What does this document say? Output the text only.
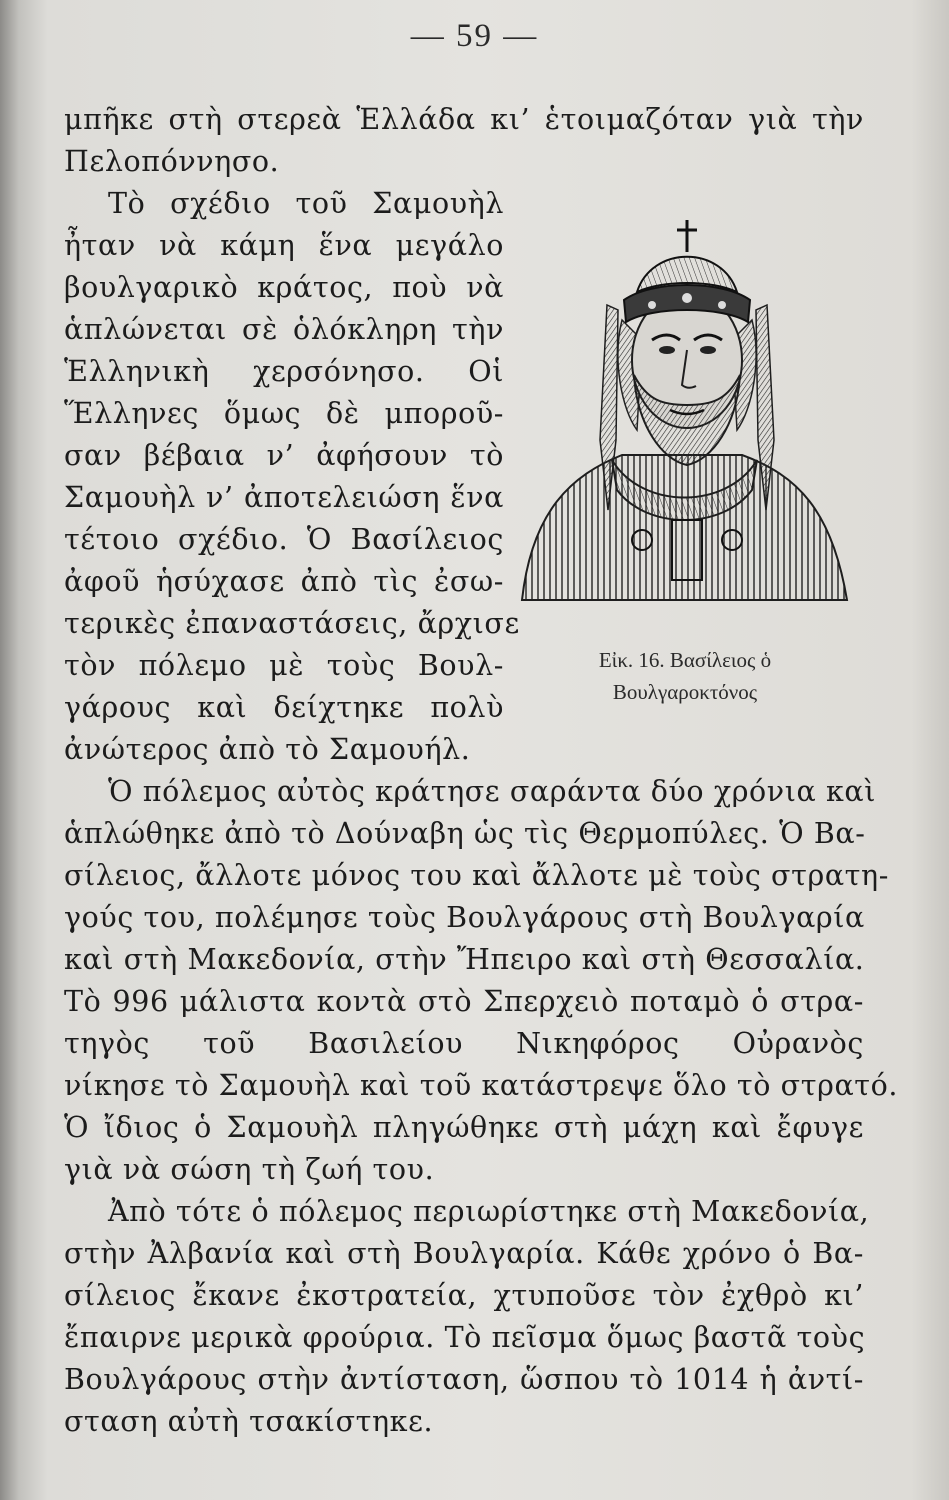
— 59 —
Εἰκ. 16. Βασίλειος ὁ
Βουλγαροκτόνος
μπῆκε στὴ στερεὰ Ἑλλάδα κι’ ἑτοιμαζόταν γιὰ τὴν
Πελοπόννησο.
Τὸ σχέδιο τοῦ Σαμουὴλ
ἦταν νὰ κάμη ἕνα μεγάλο
βουλγαρικὸ κράτος, ποὺ νὰ
ἁπλώνεται σὲ ὁλόκληρη τὴν
Ἑλληνικὴ χερσόνησο. Οἱ
Ἕλληνες ὅμως δὲ μποροῦ-
σαν βέβαια ν’ ἀφήσουν τὸ
Σαμουὴλ ν’ ἀποτελειώση ἕνα
τέτοιο σχέδιο. Ὁ Βασίλειος
ἀφοῦ ἡσύχασε ἀπὸ τὶς ἐσω-
τερικὲς ἐπαναστάσεις, ἄρχισε
τὸν πόλεμο μὲ τοὺς Βουλ-
γάρους καὶ δείχτηκε πολὺ
ἀνώτερος ἀπὸ τὸ Σαμουήλ.
Ὁ πόλεμος αὐτὸς κράτησε σαράντα δύο χρόνια καὶ
ἁπλώθηκε ἀπὸ τὸ Δούναβη ὡς τὶς Θερμοπύλες. Ὁ Βα-
σίλειος, ἄλλοτε μόνος του καὶ ἄλλοτε μὲ τοὺς στρατη-
γούς του, πολέμησε τοὺς Βουλγάρους στὴ Βουλγαρία
καὶ στὴ Μακεδονία, στὴν Ἤπειρο καὶ στὴ Θεσσαλία.
Τὸ 996 μάλιστα κοντὰ στὸ Σπερχειὸ ποταμὸ ὁ στρα-
τηγὸς τοῦ Βασιλείου Νικηφόρος Οὐρανὸς
νίκησε τὸ Σαμουὴλ καὶ τοῦ κατάστρεψε ὅλο τὸ στρατό.
Ὁ ἴδιος ὁ Σαμουὴλ πληγώθηκε στὴ μάχη καὶ ἔφυγε
γιὰ νὰ σώση τὴ ζωή του.
Ἀπὸ τότε ὁ πόλεμος περιωρίστηκε στὴ Μακεδονία,
στὴν Ἀλβανία καὶ στὴ Βουλγαρία. Κάθε χρόνο ὁ Βα-
σίλειος ἔκανε ἐκστρατεία, χτυποῦσε τὸν ἐχθρὸ κι’
ἔπαιρνε μερικὰ φρούρια. Τὸ πεῖσμα ὅμως βαστᾶ τοὺς
Βουλγάρους στὴν ἀντίσταση, ὥσπου τὸ 1014 ἡ ἀντί-
σταση αὐτὴ τσακίστηκε.
